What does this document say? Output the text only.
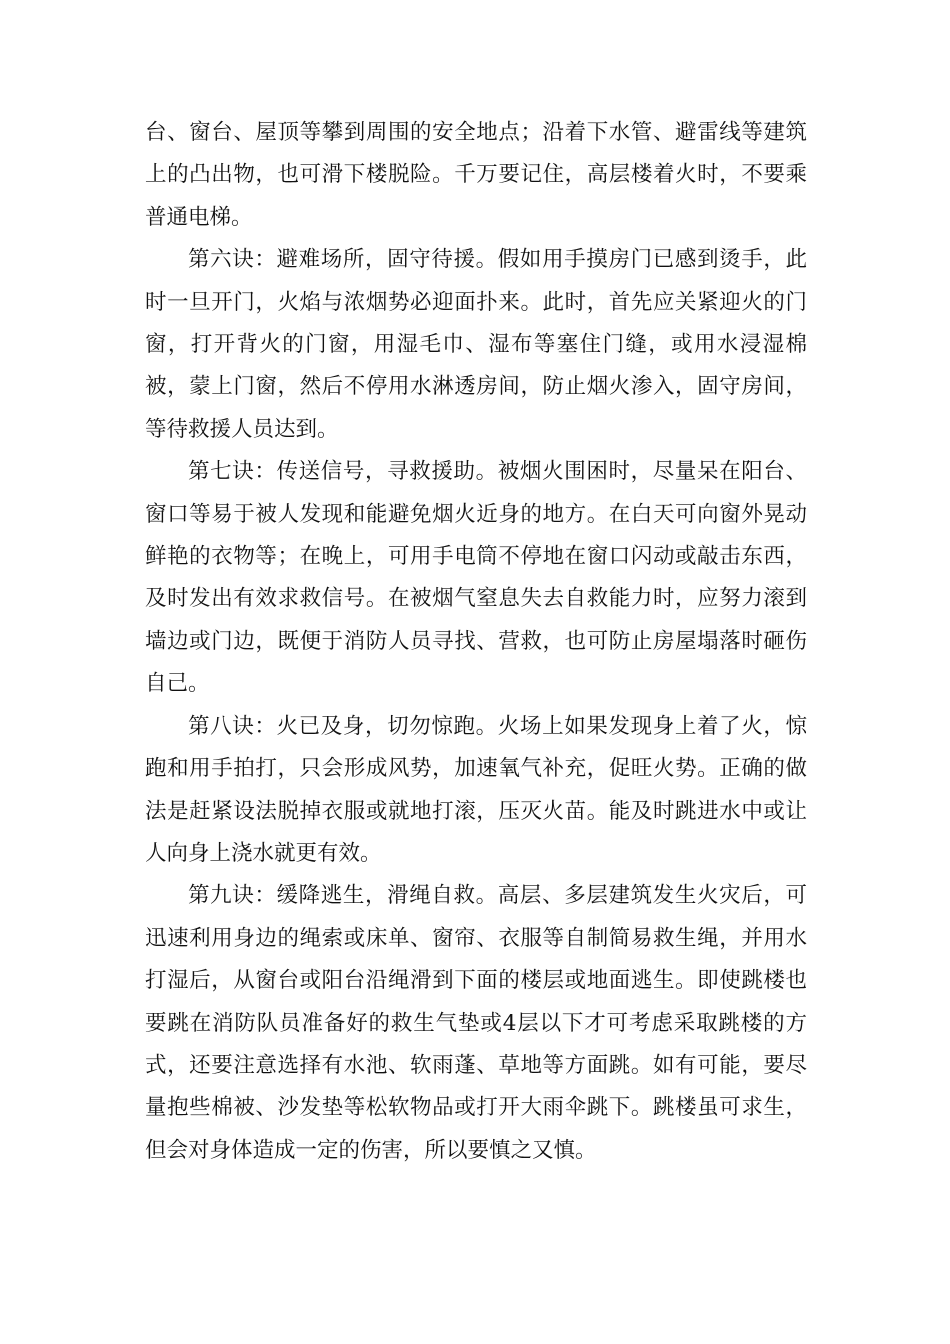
台、窗台、屋顶等攀到周围的安全地点；沿着下水管、避雷线等建筑上的凸出物，也可滑下楼脱险。千万要记住，高层楼着火时，不要乘普通电梯。

第六诀：避难场所，固守待援。假如用手摸房门已感到烫手，此时一旦开门，火焰与浓烟势必迎面扑来。此时，首先应关紧迎火的门窗，打开背火的门窗，用湿毛巾、湿布等塞住门缝，或用水浸湿棉被，蒙上门窗，然后不停用水淋透房间，防止烟火渗入，固守房间，等待救援人员达到。

第七诀：传送信号，寻救援助。被烟火围困时，尽量呆在阳台、窗口等易于被人发现和能避免烟火近身的地方。在白天可向窗外晃动鲜艳的衣物等；在晚上，可用手电筒不停地在窗口闪动或敲击东西，及时发出有效求救信号。在被烟气窒息失去自救能力时，应努力滚到墙边或门边，既便于消防人员寻找、营救，也可防止房屋塌落时砸伤自己。

第八诀：火已及身，切勿惊跑。火场上如果发现身上着了火，惊跑和用手拍打，只会形成风势，加速氧气补充，促旺火势。正确的做法是赶紧设法脱掉衣服或就地打滚，压灭火苗。能及时跳进水中或让人向身上浇水就更有效。

第九诀：缓降逃生，滑绳自救。高层、多层建筑发生火灾后，可迅速利用身边的绳索或床单、窗帘、衣服等自制简易救生绳，并用水打湿后，从窗台或阳台沿绳滑到下面的楼层或地面逃生。即使跳楼也要跳在消防队员准备好的救生气垫或4层以下才可考虑采取跳楼的方式，还要注意选择有水池、软雨蓬、草地等方面跳。如有可能，要尽量抱些棉被、沙发垫等松软物品或打开大雨伞跳下。跳楼虽可求生，但会对身体造成一定的伤害，所以要慎之又慎。
